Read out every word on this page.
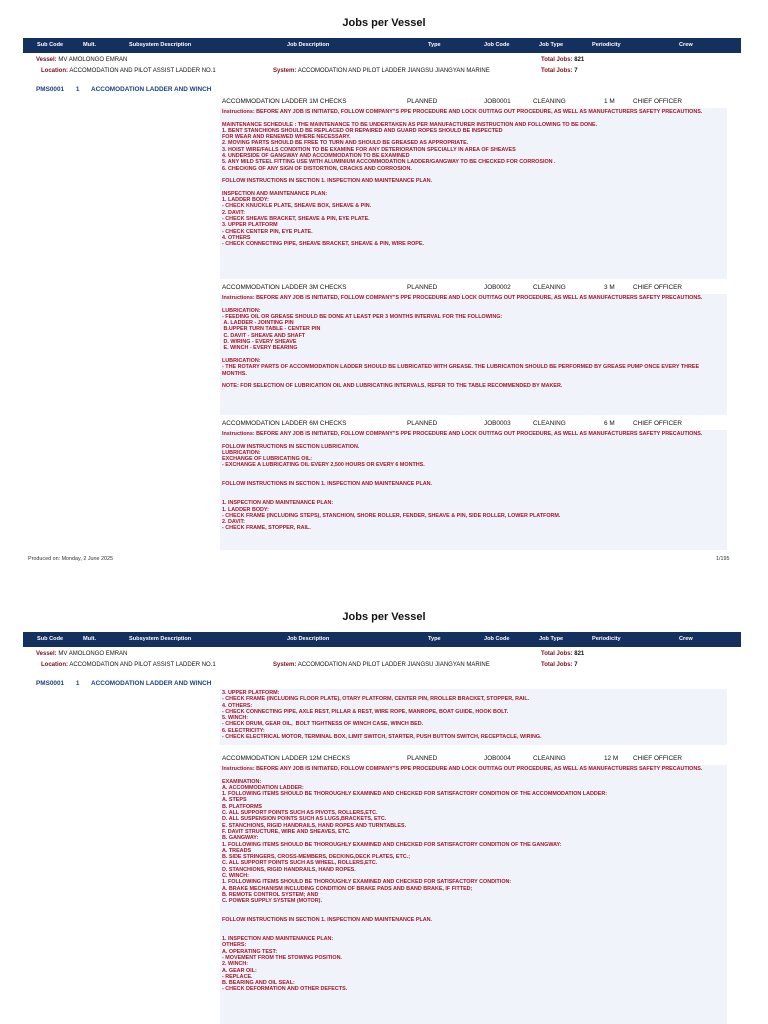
Jobs per Vessel
Sub Code	Mult.	Subsystem Description	Job Description	Type	Job Code	Job Type	Periodicity	Crew
Vessel: MV AMOLONGO EMRAN
Location: ACCOMODATION AND PILOT ASSIST LADDER NO.1	System: ACCOMODATION AND PILOT LADDER JIANGSU JIANGYAN MARINE
Total Jobs: 821
Total Jobs: 7
PMS0001 1 ACCOMODATION LADDER AND WINCH
ACCOMMODATION LADDER 1M CHECKS	PLANNED	JOB0001	CLEANING	1 M	CHIEF OFFICER
Instructions: BEFORE ANY JOB IS INITIATED, FOLLOW COMPANY"S PPE PROCEDURE AND LOCK OUT/TAG OUT PROCEDURE, AS WELL AS MANUFACTURERS SAFETY PRECAUTIONS.

MAINTENANCE SCHEDULE : THE MAINTENANCE TO BE UNDERTAKEN AS PER MANUFACTURER INSTRUCTION AND FOLLOWING TO BE DONE.
1. BENT STANCHIONS SHOULD BE REPLACED OR REPAIRED AND GUARD ROPES SHOULD BE INSPECTED
FOR WEAR AND RENEWED WHERE NECESSARY.
2. MOVING PARTS SHOULD BE FREE TO TURN AND SHOULD BE GREASED AS APPROPRIATE.
3. HOIST WIRE/FALLS CONDITION TO BE EXAMINE FOR ANY DETERIORATION SPECIALLY IN AREA OF SHEAVES
4. UNDERSIDE OF GANGWAY AND ACCOMMODATION TO BE EXAMINED
5. ANY MILD STEEL FITTING USE WITH ALUMINIUM ACCOMMODATION LADDER/GANGWAY TO BE CHECKED FOR CORROSION .
6. CHECKING OF ANY SIGN OF DISTORTION, CRACKS AND CORROSION.

FOLLOW INSTRUCTIONS IN SECTION 1. INSPECTION AND MAINTENANCE PLAN.

INSPECTION AND MAINTENANCE PLAN:
1. LADDER BODY:
- CHECK KNUCKLE PLATE, SHEAVE BOX, SHEAVE & PIN.
2. DAVIT:
- CHECK SHEAVE BRACKET, SHEAVE & PIN, EYE PLATE.
3. UPPER PLATFORM
- CHECK CENTER PIN, EYE PLATE.
4. OTHERS
- CHECK CONNECTING PIPE, SHEAVE BRACKET, SHEAVE & PIN, WIRE ROPE.
ACCOMMODATION LADDER 3M CHECKS	PLANNED	JOB0002	CLEANING	3 M	CHIEF OFFICER
Instructions: BEFORE ANY JOB IS INITIATED, FOLLOW COMPANY"S PPE PROCEDURE AND LOCK OUT/TAG OUT PROCEDURE, AS WELL AS MANUFACTURERS SAFETY PRECAUTIONS.

LUBRICATION:
- FEEDING OIL OR GREASE SHOULD BE DONE AT LEAST PER 3 MONTHS INTERVAL FOR THE FOLLOWING:
A. LADDER - JOINTING PIN
B.UPPER TURN TABLE - CENTER PIN
C. DAVIT - SHEAVE AND SHAFT
D. WIRING - EVERY SHEAVE
E. WINCH - EVERY BEARING

LUBRICATION:
- THE ROTARY PARTS OF ACCOMMODATION LADDER SHOULD BE LUBRICATED WITH GREASE. THE LUBRICATION SHOULD BE PERFORMED BY GREASE PUMP ONCE EVERY THREE MONTHS.

NOTE: FOR SELECTION OF LUBRICATION OIL AND LUBRICATING INTERVALS, REFER TO THE TABLE RECOMMENDED BY MAKER.
ACCOMMODATION LADDER 6M CHECKS	PLANNED	JOB0003	CLEANING	6 M	CHIEF OFFICER
Instructions: BEFORE ANY JOB IS INITIATED, FOLLOW COMPANY"S PPE PROCEDURE AND LOCK OUT/TAG OUT PROCEDURE, AS WELL AS MANUFACTURERS SAFETY PRECAUTIONS.

FOLLOW INSTRUCTIONS IN SECTION LUBRICATION.
LUBRICATION:
EXCHANGE OF LUBRICATING OIL:
- EXCHANGE A LUBRICATING OIL EVERY 2,500 HOURS OR EVERY 6 MONTHS.

FOLLOW INSTRUCTIONS IN SECTION 1. INSPECTION AND MAINTENANCE PLAN.

1. INSPECTION AND MAINTENANCE PLAN:
1. LADDER BODY:
- CHECK FRAME (INCLUDING STEPS), STANCHION, SHORE ROLLER, FENDER, SHEAVE & PIN, SIDE ROLLER, LOWER PLATFORM.
2. DAVIT:
- CHECK FRAME, STOPPER, RAIL.
Produced on: Monday, 2 June 2025	1/195
Jobs per Vessel
Sub Code	Mult.	Subsystem Description	Job Description	Type	Job Code	Job Type	Periodicity	Crew
Vessel: MV AMOLONGO EMRAN
Location: ACCOMODATION AND PILOT ASSIST LADDER NO.1	System: ACCOMODATION AND PILOT LADDER JIANGSU JIANGYAN MARINE
Total Jobs: 821
Total Jobs: 7
PMS0001 1 ACCOMODATION LADDER AND WINCH
3. UPPER PLATFORM:
- CHECK FRAME (INCLUDING FLOOR PLATE), OTARY PLATFORM, CENTER PIN, RROLLER BRACKET, STOPPER, RAIL.
4. OTHERS:
- CHECK CONNECTING PIPE, AXLE REST, PILLAR & REST, WIRE ROPE, MANROPE, BOAT GUIDE, HOOK BOLT.
5. WINCH:
- CHECK DRUM, GEAR OIL,  BOLT TIGHTNESS OF WINCH CASE, WINCH BED.
6. ELECTRICITY:
- CHECK ELECTRICAL MOTOR, TERMINAL BOX, LIMIT SWITCH, STARTER, PUSH BUTTON SWITCH, RECEPTACLE, WIRING.
ACCOMMODATION LADDER 12M CHECKS	PLANNED	JOB0004	CLEANING	12 M CHIEF OFFICER
Instructions: BEFORE ANY JOB IS INITIATED, FOLLOW COMPANY"S PPE PROCEDURE AND LOCK OUT/TAG OUT PROCEDURE, AS WELL AS MANUFACTURERS SAFETY PRECAUTIONS.

EXAMINATION:
A. ACCOMMODATION LADDER:
1. FOLLOWING ITEMS SHOULD BE THOROUGHLY EXAMINED AND CHECKED FOR SATISFACTORY CONDITION OF THE ACCOMMODATION LADDER:
A. STEPS
B. PLATFORMS
C. ALL SUPPORT POINTS SUCH AS PIVOTS, ROLLERS,ETC.
D. ALL SUSPENSION POINTS SUCH AS LUGS,BRACKETS, ETC.
E. STANCHIONS, RIGID HANDRAILS, HAND ROPES AND TURNTABLES.
F. DAVIT STRUCTURE, WIRE AND SHEAVES, ETC.
B. GANGWAY:
1. FOLLOWING ITEMS SHOULD BE THOROUGHLY EXAMINED AND CHECKED FOR SATISFACTORY CONDITION OF THE GANGWAY:
A. TREADS
B. SIDE STRINGERS, CROSS-MEMBERS, DECKING,DECK PLATES, ETC.;
C. ALL SUPPORT POINTS SUCH AS WHEEL, ROLLERS,ETC.
D. STANCHIONS, RIGID HANDRAILS, HAND ROPES.
C. WINCH:
1. FOLLOWING ITEMS SHOULD BE THOROUGHLY EXAMINED AND CHECKED FOR SATISFACTORY CONDITION:
A. BRAKE MECHANISM INCLUDING CONDITION OF BRAKE PADS AND BAND BRAKE, IF FITTED;
B. REMOTE CONTROL SYSTEM; AND
C. POWER SUPPLY SYSTEM (MOTOR).

FOLLOW INSTRUCTIONS IN SECTION 1. INSPECTION AND MAINTENANCE PLAN.

1. INSPECTION AND MAINTENANCE PLAN:
OTHERS:
A. OPERATING TEST:
- MOVEMENT FROM THE STOWING POSITION.
2. WINCH:
A. GEAR OIL:
- REPLACE.
B. BEARING AND OIL SEAL:
- CHECK DEFORMATION AND OTHER DEFECTS.
